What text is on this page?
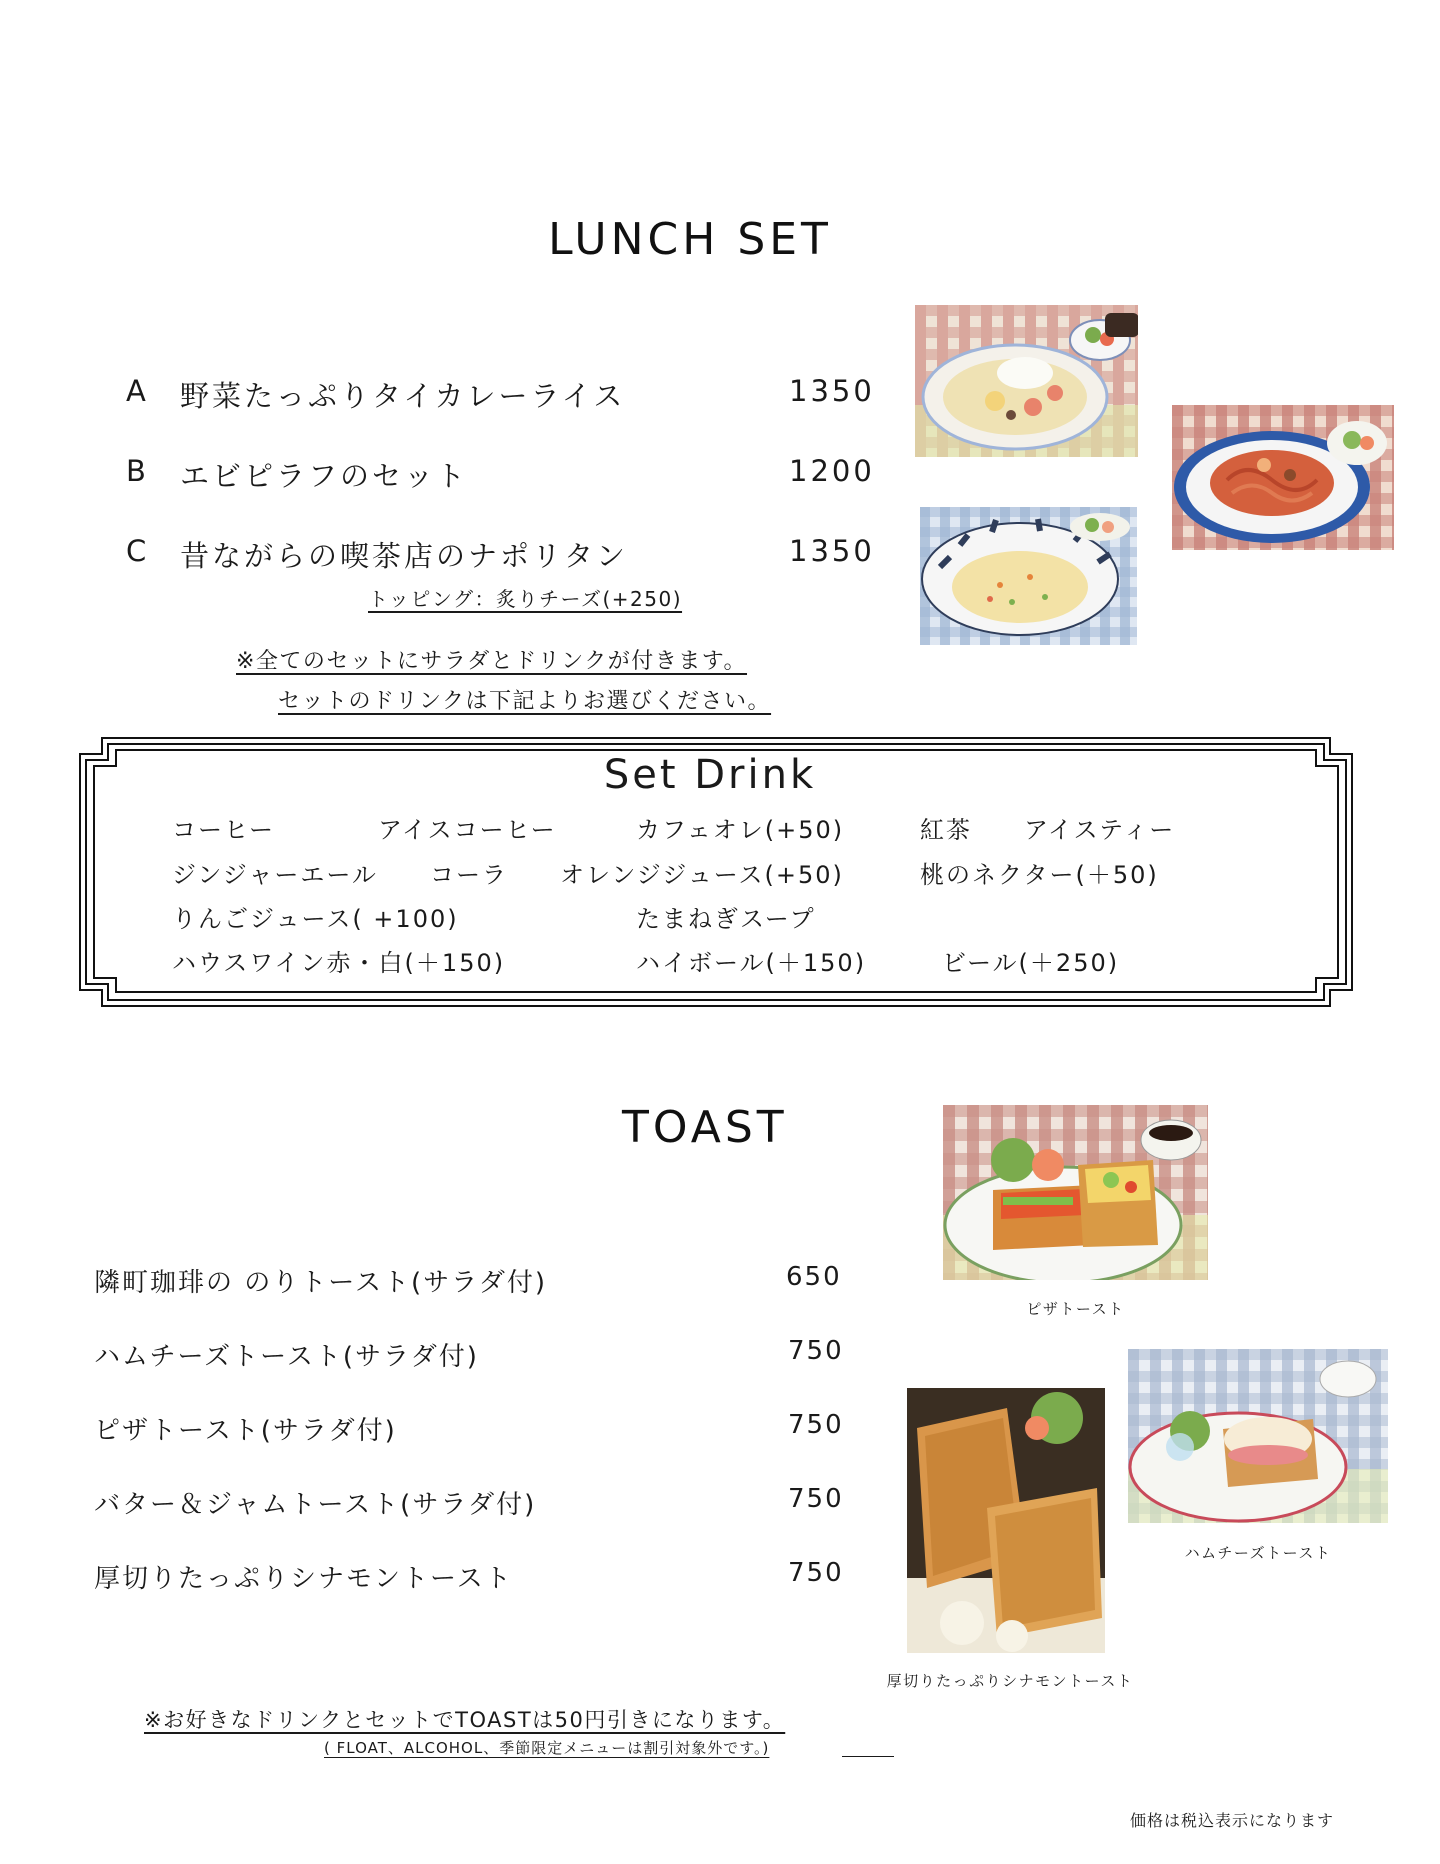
LUNCH SET
A	野菜たっぷりタイカレーライス	1350
B	エビピラフのセット	1200
C	昔ながらの喫茶店のナポリタン	1350
トッピング：炙りチーズ(+250)
※全てのセットにサラダとドリンクが付きます。
セットのドリンクは下記よりお選びください。
Set Drink
コーヒー	アイスコーヒー	カフェオレ(+50)	紅茶 アイスティー
ジンジャーエール コーラ オレンジジュース(+50)	桃のネクター(＋50)
りんごジュース( +100)	たまねぎスープ
ハウスワイン赤・白(＋150)	ハイボール(＋150)	ビール(＋250)
TOAST
隣町珈琲の のりトースト(サラダ付)	650
ハムチーズトースト(サラダ付)	750
ピザトースト(サラダ付)	750
バター＆ジャムトースト(サラダ付)	750
厚切りたっぷりシナモントースト	750
ピザトースト
ハムチーズトースト
厚切りたっぷりシナモントースト
※お好きなドリンクとセットでTOASTは50円引きになります。
( FLOAT、ALCOHOL、季節限定メニューは割引対象外です。)
価格は税込表示になります
